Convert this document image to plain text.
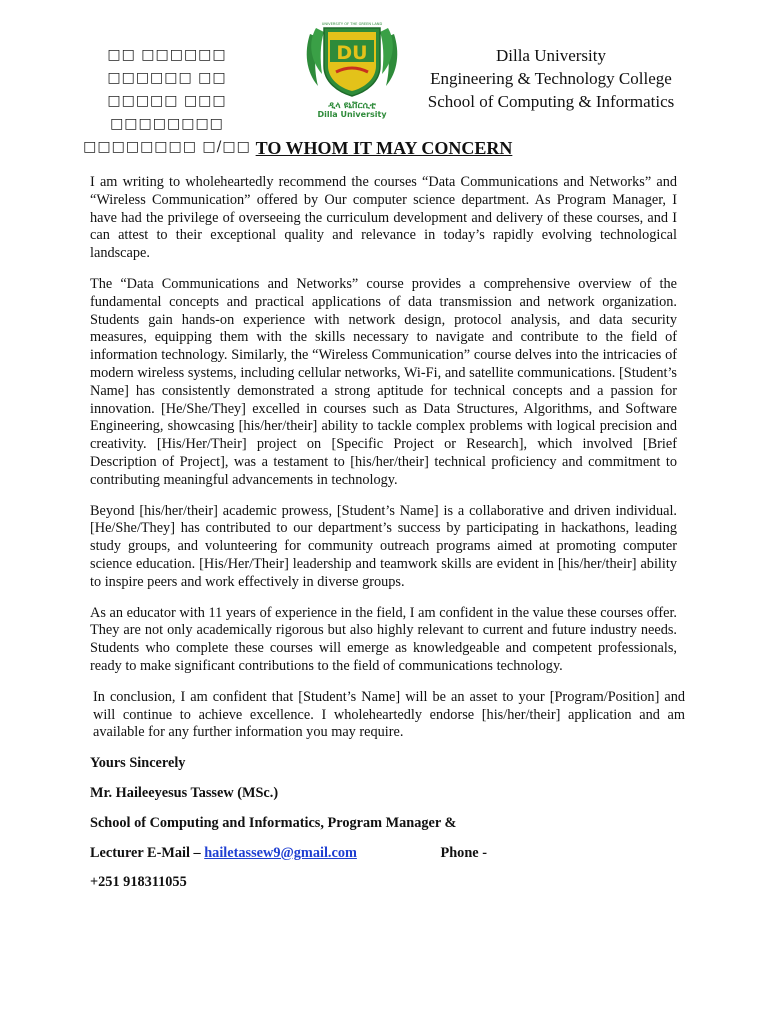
□□ □□□□□□
□□□□□□ □□ □□□□□ □□□
□□□□□□□□ □□□□□□□□ □/□□
DU
UNIVERSITY OF THE GREEN LAND
ዲላ ዩኒቨርሲቲ
Dilla University
Dilla University
Engineering & Technology College
School of Computing & Informatics
TO WHOM IT MAY CONCERN

I am writing to wholeheartedly recommend the courses “Data Communications and Networks” and “Wireless Communication” offered by Our computer science department. As Program Manager, I have had the privilege of overseeing the curriculum development and delivery of these courses, and I can attest to their exceptional quality and relevance in today’s rapidly evolving technological landscape.

The “Data Communications and Networks” course provides a comprehensive overview of the fundamental concepts and practical applications of data transmission and network organization. Students gain hands-on experience with network design, protocol analysis, and data security measures, equipping them with the skills necessary to navigate and contribute to the field of information technology. Similarly, the “Wireless Communication” course delves into the intricacies of modern wireless systems, including cellular networks, Wi-Fi, and satellite communications. [Student’s Name] has consistently demonstrated a strong aptitude for technical concepts and a passion for innovation. [He/She/They] excelled in courses such as Data Structures, Algorithms, and Software Engineering, showcasing [his/her/their] ability to tackle complex problems with logical precision and creativity. [His/Her/Their] project on [Specific Project or Research], which involved [Brief Description of Project], was a testament to [his/her/their] technical proficiency and commitment to contributing meaningful advancements in technology.

Beyond [his/her/their] academic prowess, [Student’s Name] is a collaborative and driven individual. [He/She/They] has contributed to our department’s success by participating in hackathons, leading study groups, and volunteering for community outreach programs aimed at promoting computer science education. [His/Her/Their] leadership and teamwork skills are evident in [his/her/their] ability to inspire peers and work effectively in diverse groups.

As an educator with 11 years of experience in the field, I am confident in the value these courses offer. They are not only academically rigorous but also highly relevant to current and future industry needs. Students who complete these courses will emerge as knowledgeable and competent professionals, ready to make significant contributions to the field of communications technology.

In conclusion, I am confident that [Student’s Name] will be an asset to your [Program/Position] and will continue to achieve excellence. I wholeheartedly endorse [his/her/their] application and am available for any further information you may require.

Yours Sincerely
Mr. Haileeyesus Tassew (MSc.)
School of Computing and Informatics, Program Manager &
Lecturer E-Mail – hailetassew9@gmail.com	Phone -
+251 918311055
